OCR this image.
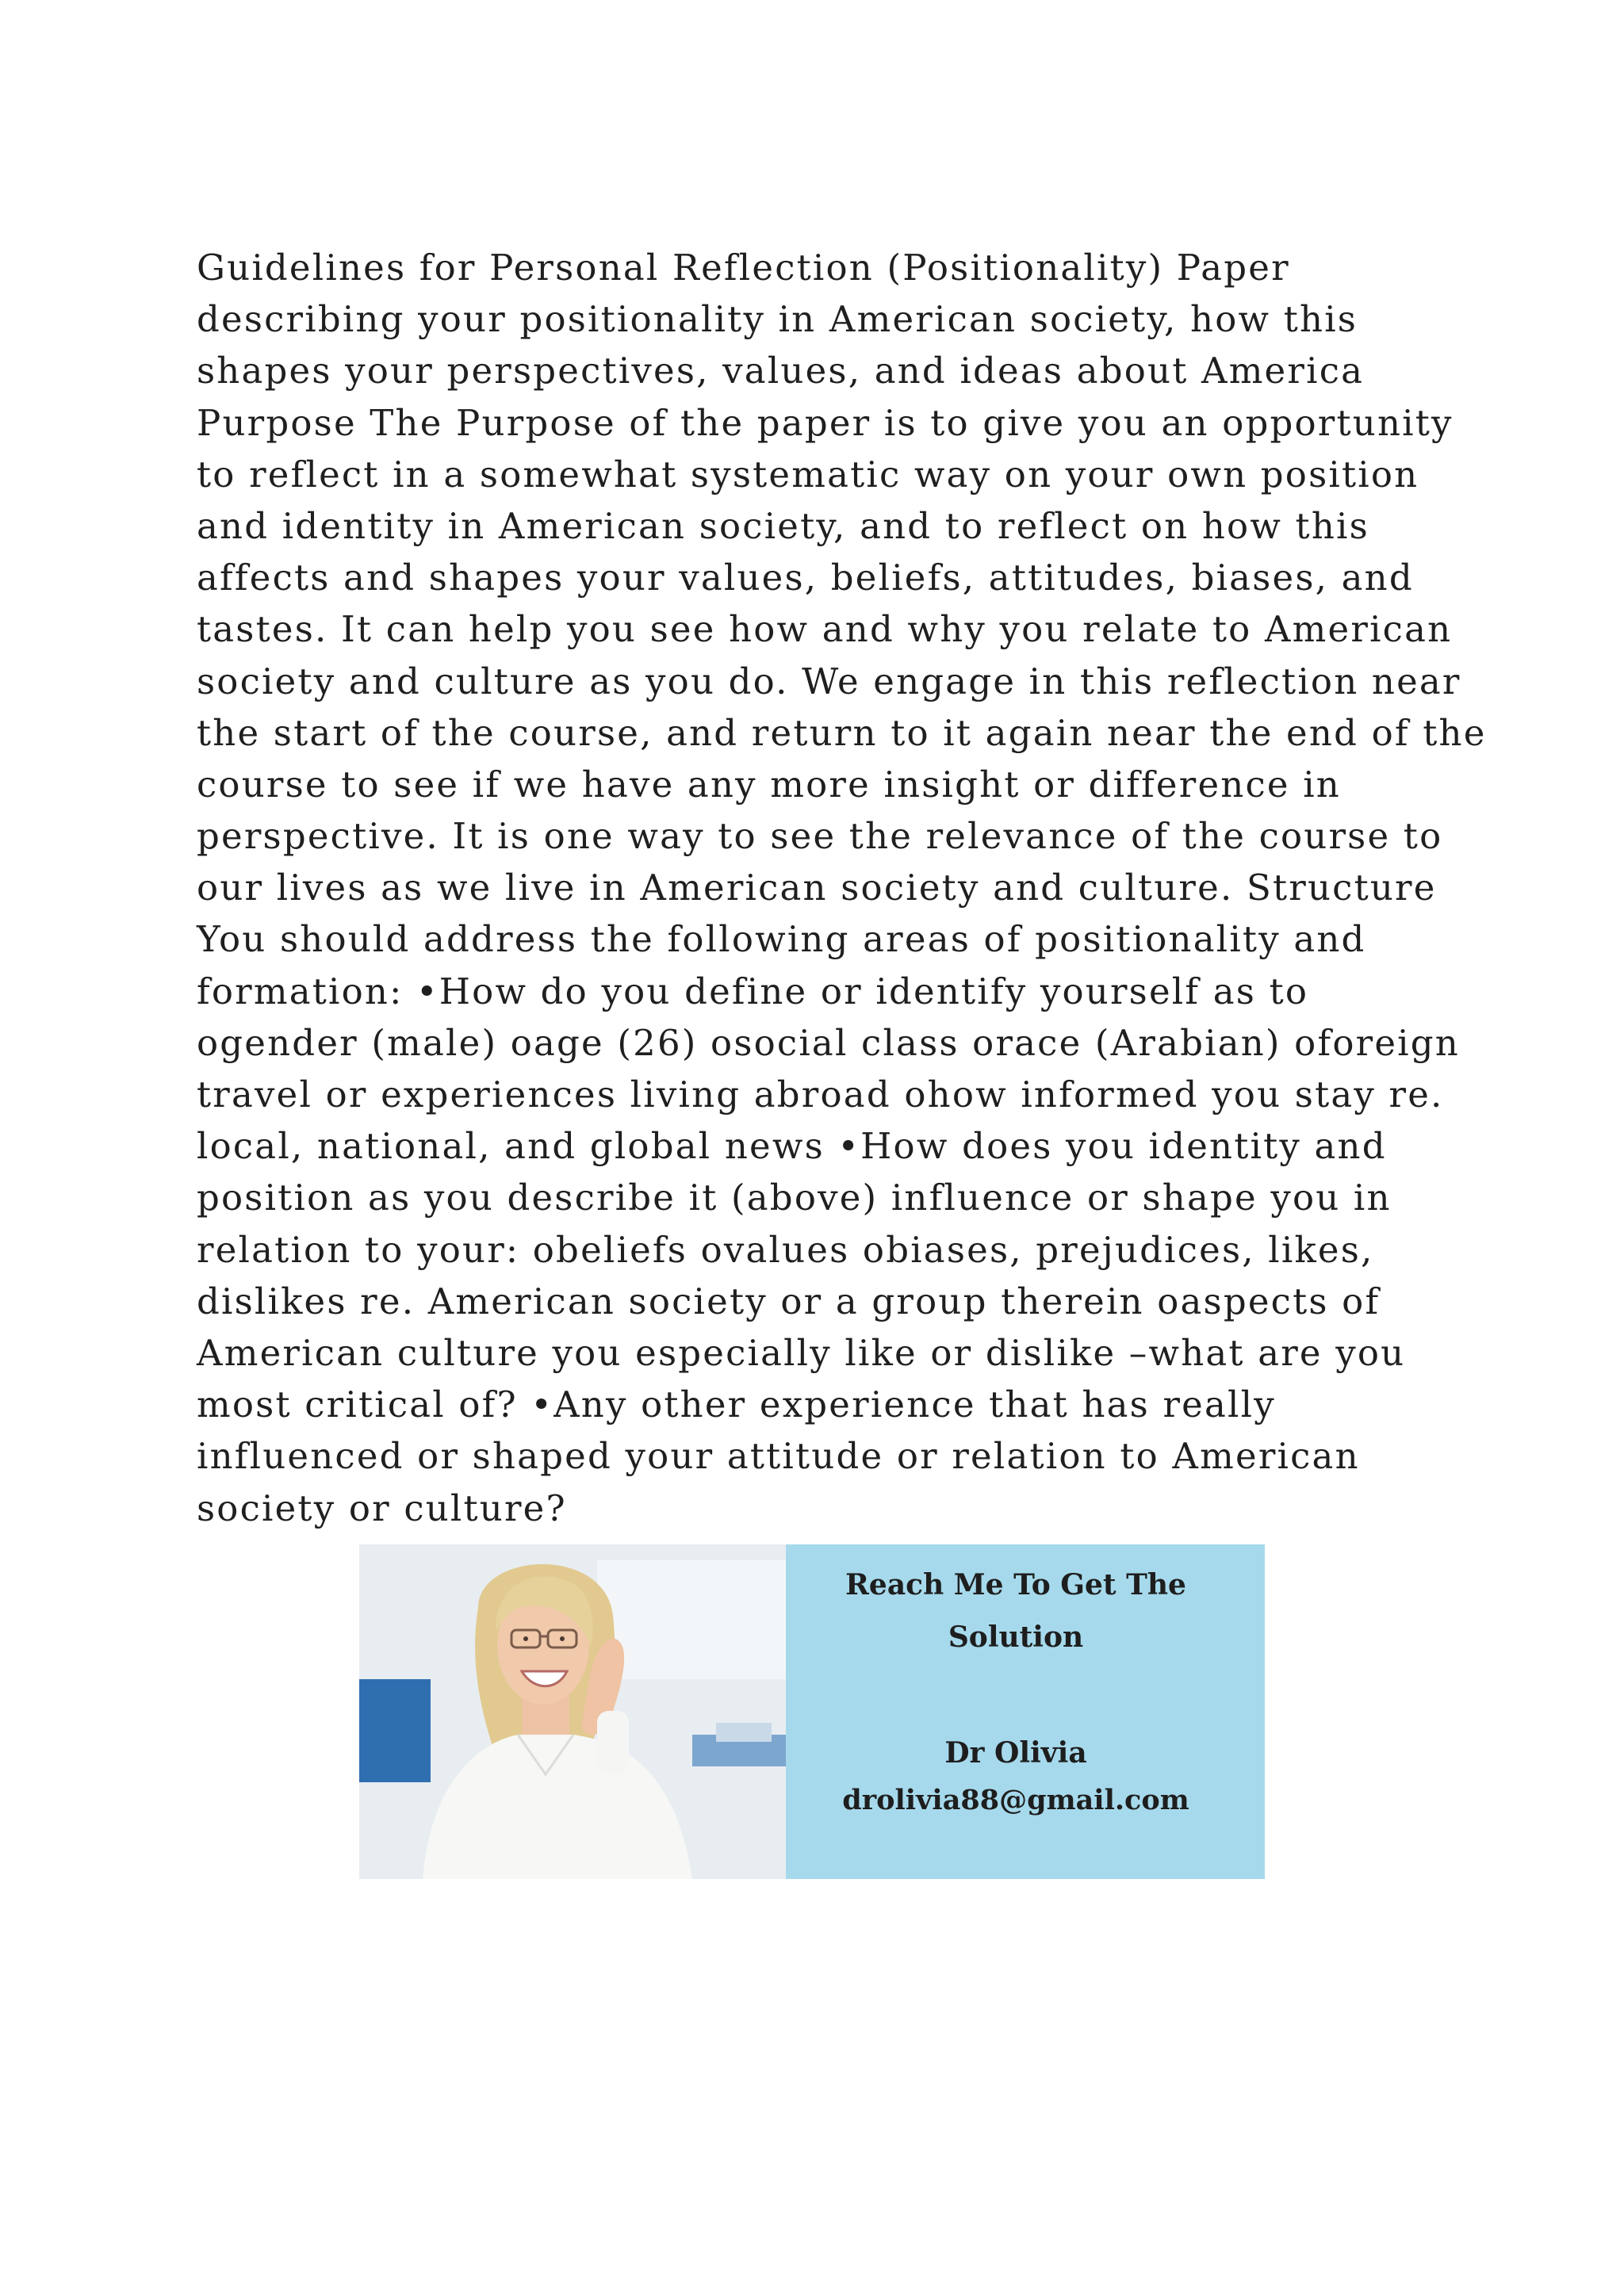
Guidelines for Personal Reflection (Positionality) Paper
describing your positionality in American society, how this
shapes your perspectives, values, and ideas about America
Purpose The Purpose of the paper is to give you an opportunity
to reflect in a somewhat systematic way on your own position
and identity in American society, and to reflect on how this
affects and shapes your values, beliefs, attitudes, biases, and
tastes. It can help you see how and why you relate to American
society and culture as you do. We engage in this reflection near
the start of the course, and return to it again near the end of the
course to see if we have any more insight or difference in
perspective. It is one way to see the relevance of the course to
our lives as we live in American society and culture. Structure
You should address the following areas of positionality and
formation: •How do you define or identify yourself as to
ogender (male) oage (26) osocial class orace (Arabian) oforeign
travel or experiences living abroad ohow informed you stay re.
local, national, and global news •How does you identity and
position as you describe it (above) influence or shape you in
relation to your: obeliefs ovalues obiases, prejudices, likes,
dislikes re. American society or a group therein oaspects of
American culture you especially like or dislike –what are you
most critical of? •Any other experience that has really
influenced or shaped your attitude or relation to American
society or culture?
Reach Me To Get The
Solution
Dr Olivia
drolivia88@gmail.com
